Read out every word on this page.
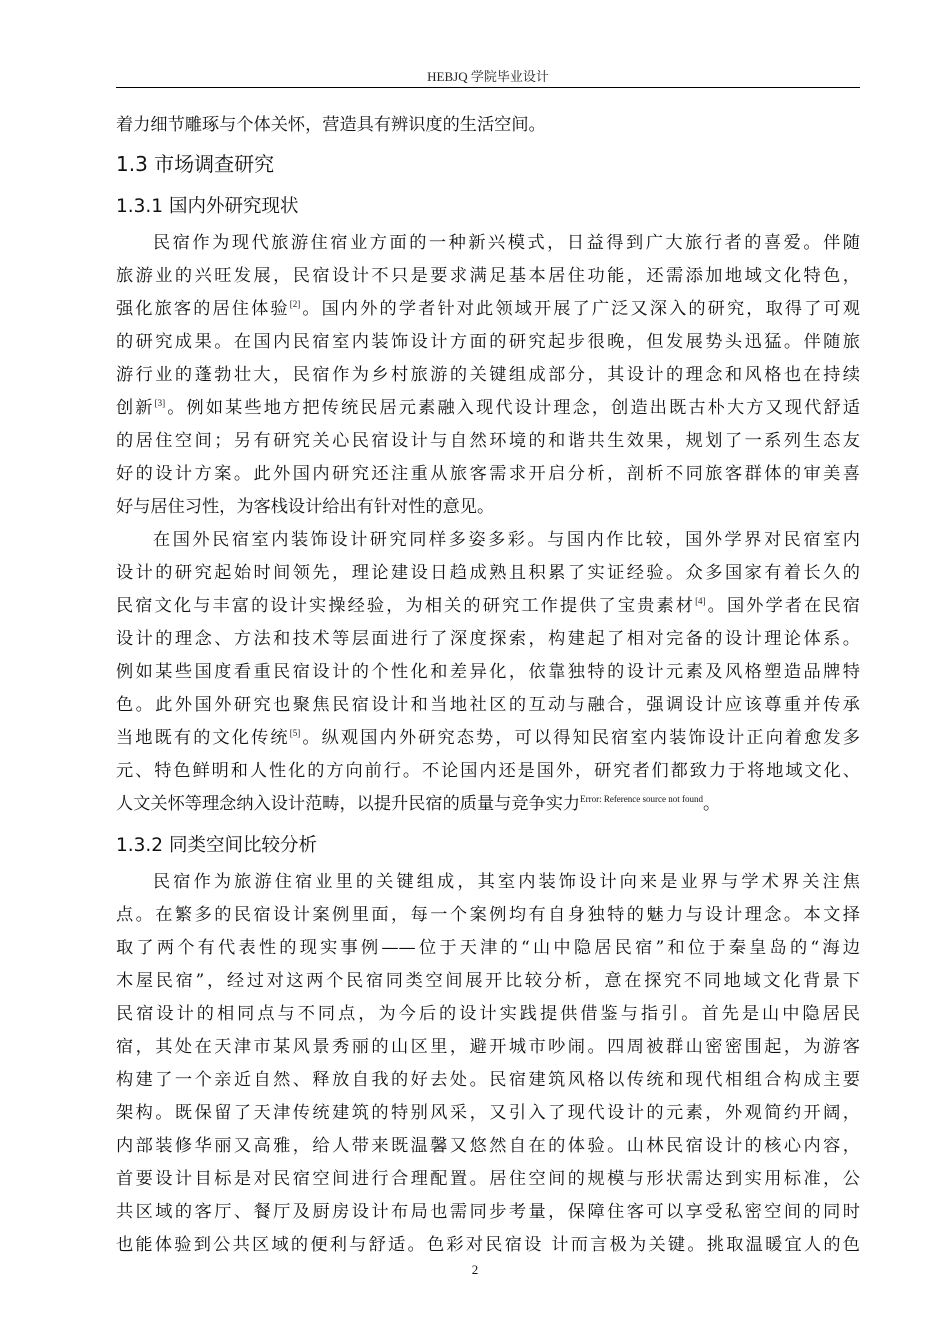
HEBJQ 学院毕业设计
1.3 市场调查研究
1.3.1 国内外研究现状
1.3.2 同类空间比较分析
着力细节雕琢与个体关怀，营造具有辨识度的生活空间。
民宿作为现代旅游住宿业方面的一种新兴模式，日益得到广大旅行者的喜爱。伴随
旅游业的兴旺发展，民宿设计不只是要求满足基本居住功能，还需添加地域文化特色，
强化旅客的居住体验[2]。国内外的学者针对此领域开展了广泛又深入的研究，取得了可观
的研究成果。在国内民宿室内装饰设计方面的研究起步很晚，但发展势头迅猛。伴随旅
游行业的蓬勃壮大，民宿作为乡村旅游的关键组成部分，其设计的理念和风格也在持续
创新[3]。例如某些地方把传统民居元素融入现代设计理念，创造出既古朴大方又现代舒适
的居住空间；另有研究关心民宿设计与自然环境的和谐共生效果，规划了一系列生态友
好的设计方案。此外国内研究还注重从旅客需求开启分析，剖析不同旅客群体的审美喜
好与居住习性，为客栈设计给出有针对性的意见。
在国外民宿室内装饰设计研究同样多姿多彩。与国内作比较，国外学界对民宿室内
设计的研究起始时间领先，理论建设日趋成熟且积累了实证经验。众多国家有着长久的
民宿文化与丰富的设计实操经验，为相关的研究工作提供了宝贵素材[4]。国外学者在民宿
设计的理念、方法和技术等层面进行了深度探索，构建起了相对完备的设计理论体系。
例如某些国度看重民宿设计的个性化和差异化，依靠独特的设计元素及风格塑造品牌特
色。此外国外研究也聚焦民宿设计和当地社区的互动与融合，强调设计应该尊重并传承
当地既有的文化传统[5]。纵观国内外研究态势，可以得知民宿室内装饰设计正向着愈发多
元、特色鲜明和人性化的方向前行。不论国内还是国外，研究者们都致力于将地域文化、
人文关怀等理念纳入设计范畴，以提升民宿的质量与竞争实力$^{Error: Reference source not found}$。
民宿作为旅游住宿业里的关键组成，其室内装饰设计向来是业界与学术界关注焦
点。在繁多的民宿设计案例里面，每一个案例均有自身独特的魅力与设计理念。本文择
取了两个有代表性的现实事例——位于天津的“山中隐居民宿”和位于秦皇岛的“海边
木屋民宿”，经过对这两个民宿同类空间展开比较分析，意在探究不同地域文化背景下
民宿设计的相同点与不同点，为今后的设计实践提供借鉴与指引。首先是山中隐居民
宿，其处在天津市某风景秀丽的山区里，避开城市吵闹。四周被群山密密围起，为游客
构建了一个亲近自然、释放自我的好去处。民宿建筑风格以传统和现代相组合构成主要
架构。既保留了天津传统建筑的特别风采，又引入了现代设计的元素，外观简约开阔，
内部装修华丽又高雅，给人带来既温馨又悠然自在的体验。山林民宿设计的核心内容，
首要设计目标是对民宿空间进行合理配置。居住空间的规模与形状需达到实用标准，公
共区域的客厅、餐厅及厨房设计布局也需同步考量，保障住客可以享受私密空间的同时
也能体验到公共区域的便利与舒适。色彩对民宿设 计而言极为关键。挑取温暖宜人的色
2
